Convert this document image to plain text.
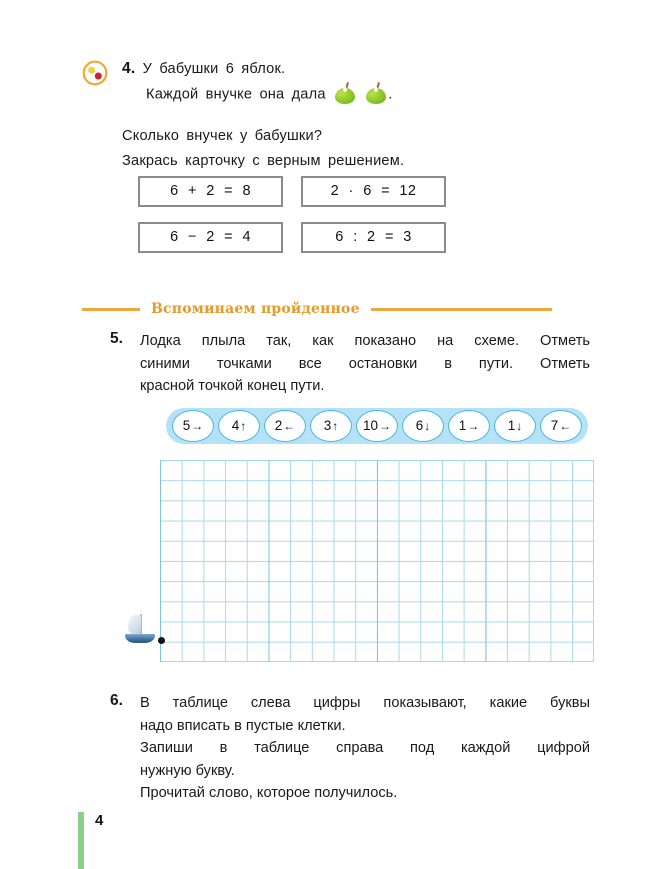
4. У бабушки 6 яблок.
Каждой внучке она дала
	.
Сколько внучек у бабушки?
Закрась карточку с верным решением.
6 + 2 = 8	2 · 6 = 12
6 − 2 = 4	6 : 2 = 3
Вспоминаем пройденное
5. Лодка плыла так, как показано на схеме. Отметь
синими точками все остановки в пути. Отметь
красной точкой конец пути.
5 → 4 ↑ 2 ← 3 ↑ 10 → 6 ↓ 1 → 1 ↓ 7 ←
6. В таблице слева цифры показывают, какие буквы
надо вписать в пустые клетки.
Запиши в таблице справа под каждой цифрой
нужную букву.
Прочитай слово, которое получилось.
4
